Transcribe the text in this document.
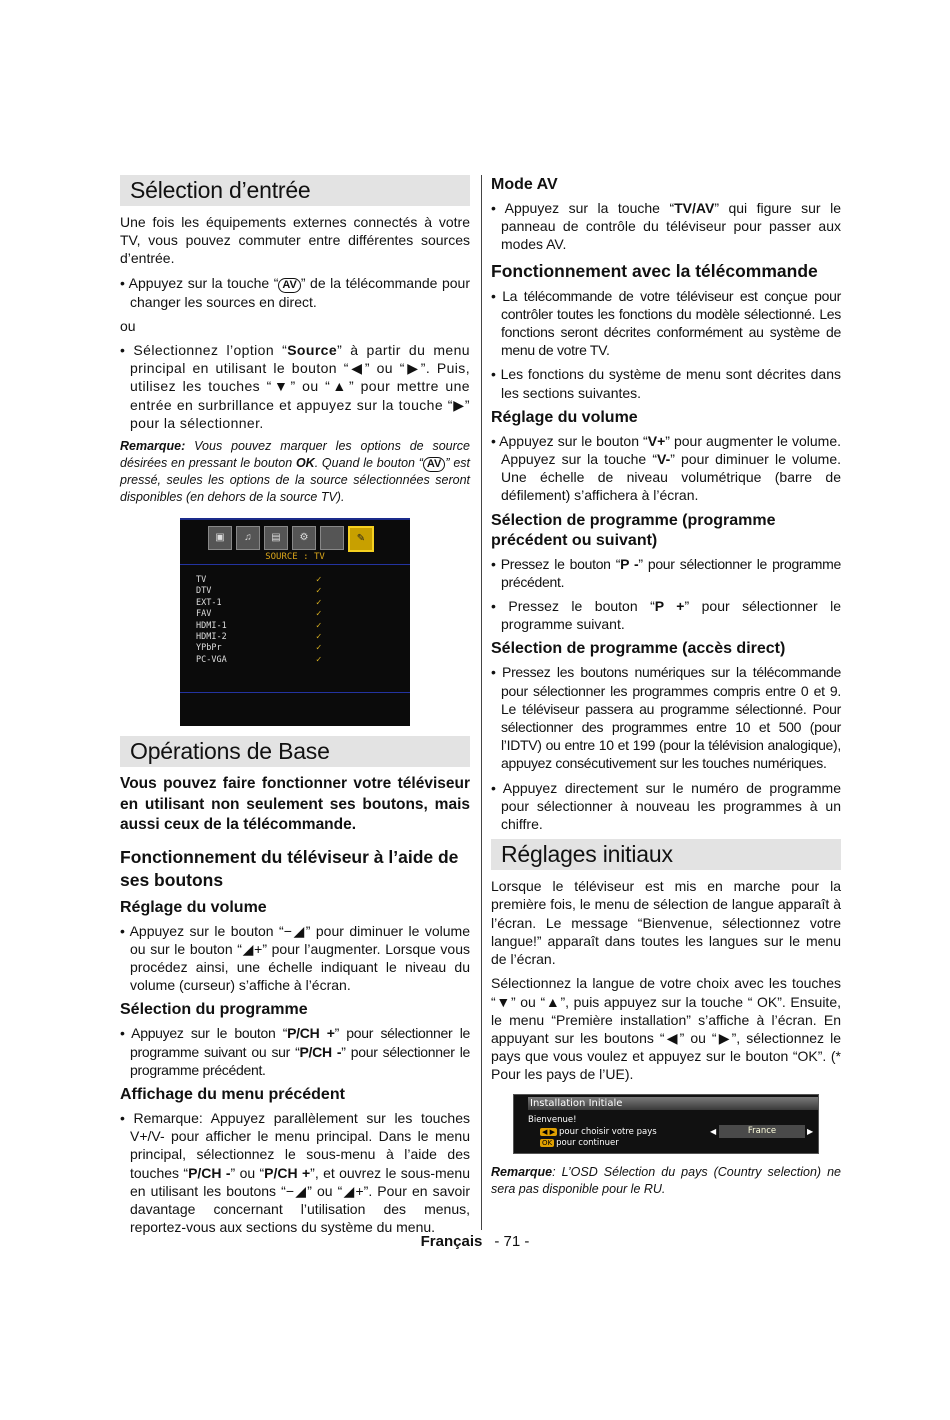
Sélection d’entrée

Une fois les équipements externes connectés à votre TV, vous pouvez commuter entre différentes sources d’entrée.

• Appuyez sur la touche “ AV ” de la télécommande pour changer les sources en direct.

ou

• Sélectionnez l’option “Source” à partir du menu principal en utilisant le bouton “◀” ou “▶”. Puis, utilisez les touches “▼” ou “▲” pour mettre une entrée en surbrillance et appuyez sur la touche “▶” pour la sélectionner.

Remarque: Vous pouvez marquer les options de source désirées en pressant le bouton OK. Quand le bouton “ AV ” est pressé, seules les options de la source sélectionnées seront disponibles (en dehors de la source TV).

▣	♫	▤	⚙	✎
SOURCE : TV
TV	✓
DTV	✓
EXT-1	✓
FAV	✓
HDMI-1	✓
HDMI-2	✓
YPbPr	✓
PC-VGA	✓
Opérations de Base

Vous pouvez faire fonctionner votre téléviseur en utilisant non seulement ses boutons, mais aussi ceux de la télécommande.

Fonctionnement du téléviseur à l’aide de ses boutons
Réglage du volume

• Appuyez sur le bouton “−◢” pour diminuer le volume ou sur le bouton “◢+” pour l’augmenter. Lorsque vous procédez ainsi, une échelle indiquant le niveau du volume (curseur) s’affiche à l’écran.

Sélection du programme

• Appuyez sur le bouton “P/CH +” pour sélectionner le programme suivant ou sur “P/CH -” pour sélectionner le programme précédent.

Affichage du menu précédent

• Remarque: Appuyez parallèlement sur les touches V+/V- pour afficher le menu principal. Dans le menu principal, sélectionnez le sous-menu à l’aide des touches “P/CH -” ou “P/CH +”, et ouvrez le sous-menu en utilisant les boutons “−◢” ou “◢+”. Pour en savoir davantage concernant l’utilisation des menus, reportez-vous aux sections du système du menu.

Mode AV

• Appuyez sur la touche “TV/AV” qui figure sur le panneau de contrôle du téléviseur pour passer aux modes AV.

Fonctionnement avec la télécommande

• La télécommande de votre téléviseur est conçue pour contrôler toutes les fonctions du modèle sélectionné. Les fonctions seront décrites conformément au système de menu de votre TV.

• Les fonctions du système de menu sont décrites dans les sections suivantes.

Réglage du volume

• Appuyez sur le bouton “V+” pour augmenter le volume. Appuyez sur la touche “V-” pour diminuer le volume. Une échelle de niveau volumétrique (barre de défilement) s’affichera à l’écran.

Sélection de programme (programme précédent ou suivant)

• Pressez le bouton “P -” pour sélectionner le programme précédent.

• Pressez le bouton “P +” pour sélectionner le programme suivant.

Sélection de programme (accès direct)

• Pressez les boutons numériques sur la télécommande pour sélectionner les programmes compris entre 0 et 9. Le téléviseur passera au programme sélectionné. Pour sélectionner des programmes entre 10 et 500 (pour l’IDTV) ou entre 10 et 199 (pour la télévision analogique), appuyez consécutivement sur les touches numériques.

• Appuyez directement sur le numéro de programme pour sélectionner à nouveau les programmes à un chiffre.

Réglages initiaux

Lorsque le téléviseur est mis en marche pour la première fois, le menu de sélection de langue apparaît à l’écran. Le message “Bienvenue, sélectionnez votre langue!” apparaît dans toutes les langues sur le menu de l’écran.

Sélectionnez la langue de votre choix avec les touches “▼” ou “▲”, puis appuyez sur la touche “ OK”. Ensuite, le menu “Première installation” s’affiche à l’écran. En appuyant sur les boutons “◀” ou “▶”, sélectionnez le pays que vous voulez et appuyez sur le bouton “OK”. (* Pour les pays de l’UE).

Installation Initiale
Bienvenue!
◀ ▶ pour choisir votre pays
OK pour continuer
◀	France	▶

Remarque: L’OSD Sélection du pays (Country selection) ne sera pas disponible pour le RU.

Français - 71 -
